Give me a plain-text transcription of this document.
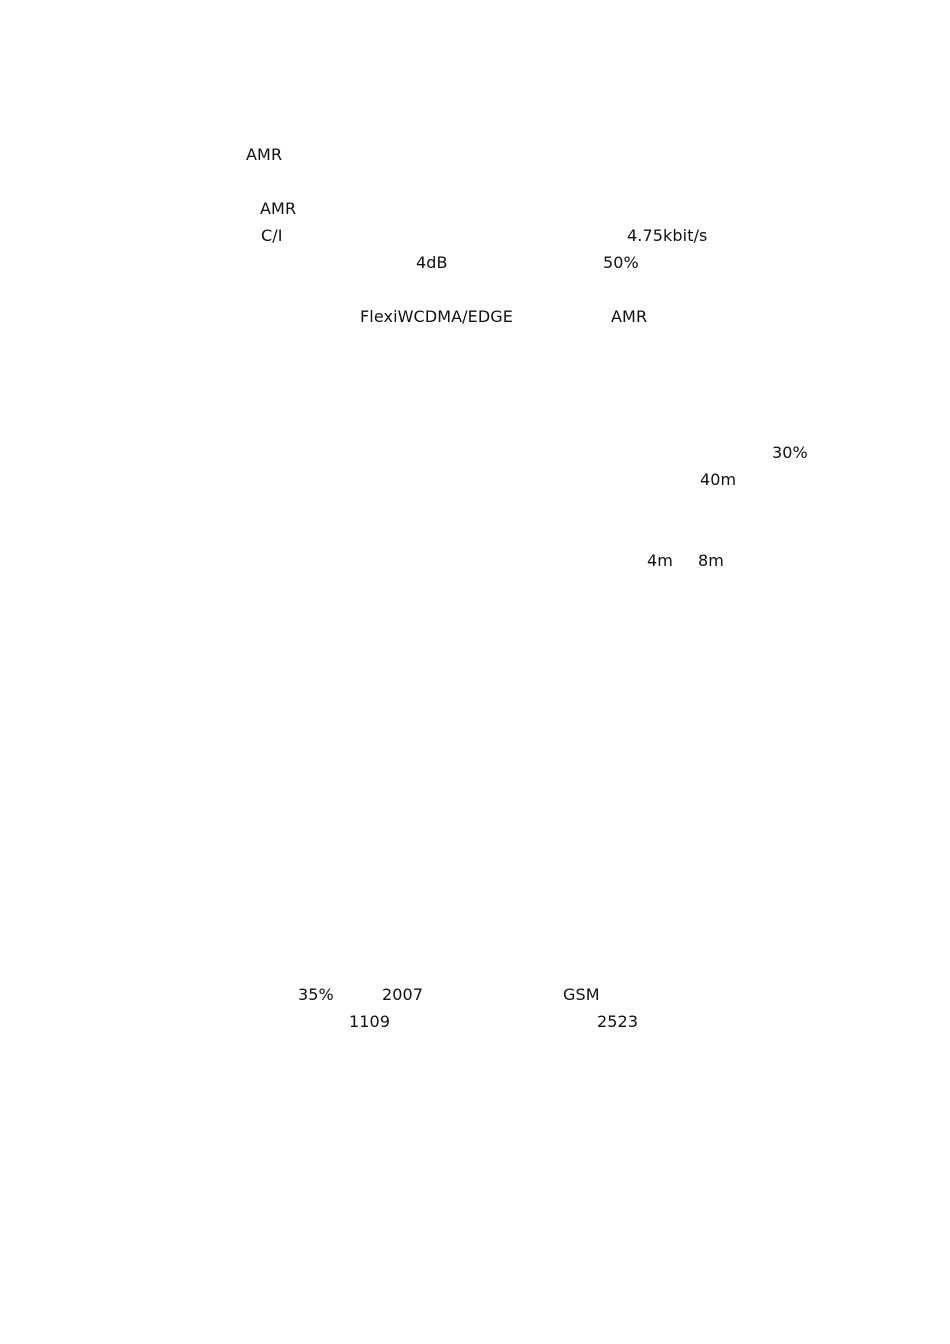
AMR
AMR
C/I	4.75kbit/s
4dB	50%
FlexiWCDMA/EDGE	AMR
30%
40m
4m 8m
35%	2007	GSM
1109	2523
